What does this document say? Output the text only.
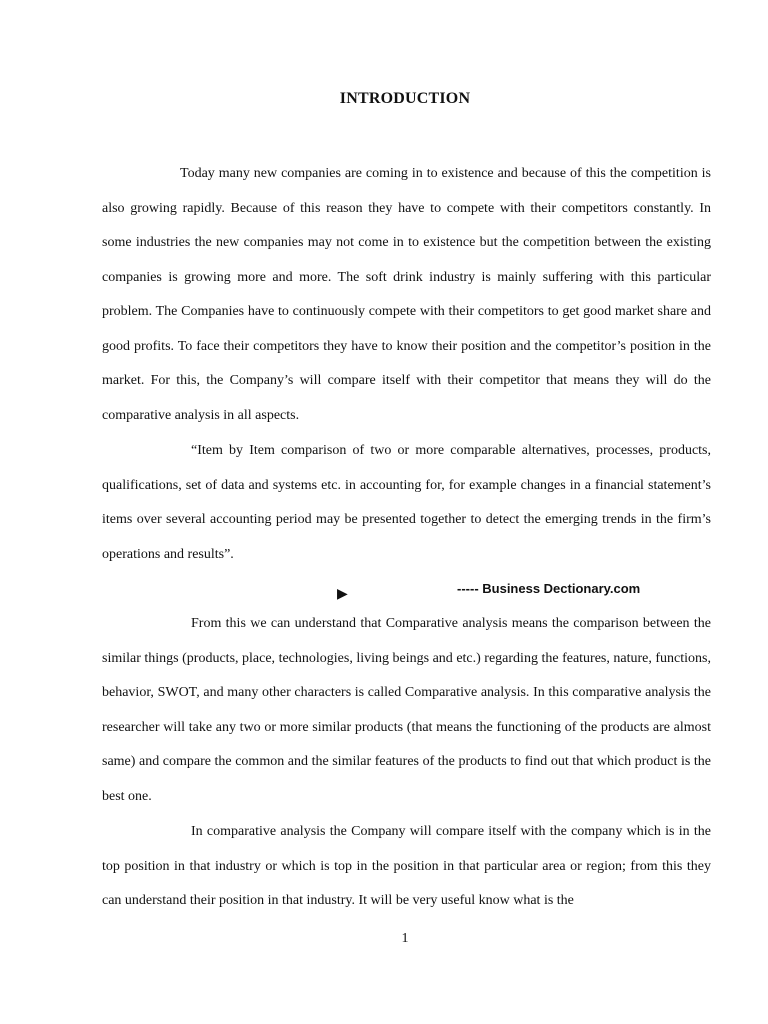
INTRODUCTION

Today many new companies are coming in to existence and because of this the competition is also growing rapidly. Because of this reason they have to compete with their competitors constantly. In some industries the new companies may not come in to existence but the competition between the existing companies is growing more and more. The soft drink industry is mainly suffering with this particular problem. The Companies have to continuously compete with their competitors to get good market share and good profits. To face their competitors they have to know their position and the competitor’s position in the market. For this, the Company’s will compare itself with their competitor that means they will do the comparative analysis in all aspects.

“Item by Item comparison of two or more comparable alternatives, processes, products, qualifications, set of data and systems etc. in accounting for, for example changes in a financial statement’s items over several accounting period may be presented together to detect the emerging trends in the firm’s operations and results”.

▶	----- Business Dectionary.com

From this we can understand that Comparative analysis means the comparison between the similar things (products, place, technologies, living beings and etc.) regarding the features, nature, functions, behavior, SWOT, and many other characters is called Comparative analysis. In this comparative analysis the researcher will take any two or more similar products (that means the functioning of the products are almost same) and compare the common and the similar features of the products to find out that which product is the best one.

In comparative analysis the Company will compare itself with the company which is in the top position in that industry or which is top in the position in that particular area or region; from this they can understand their position in that industry. It will be very useful know what is the

1
